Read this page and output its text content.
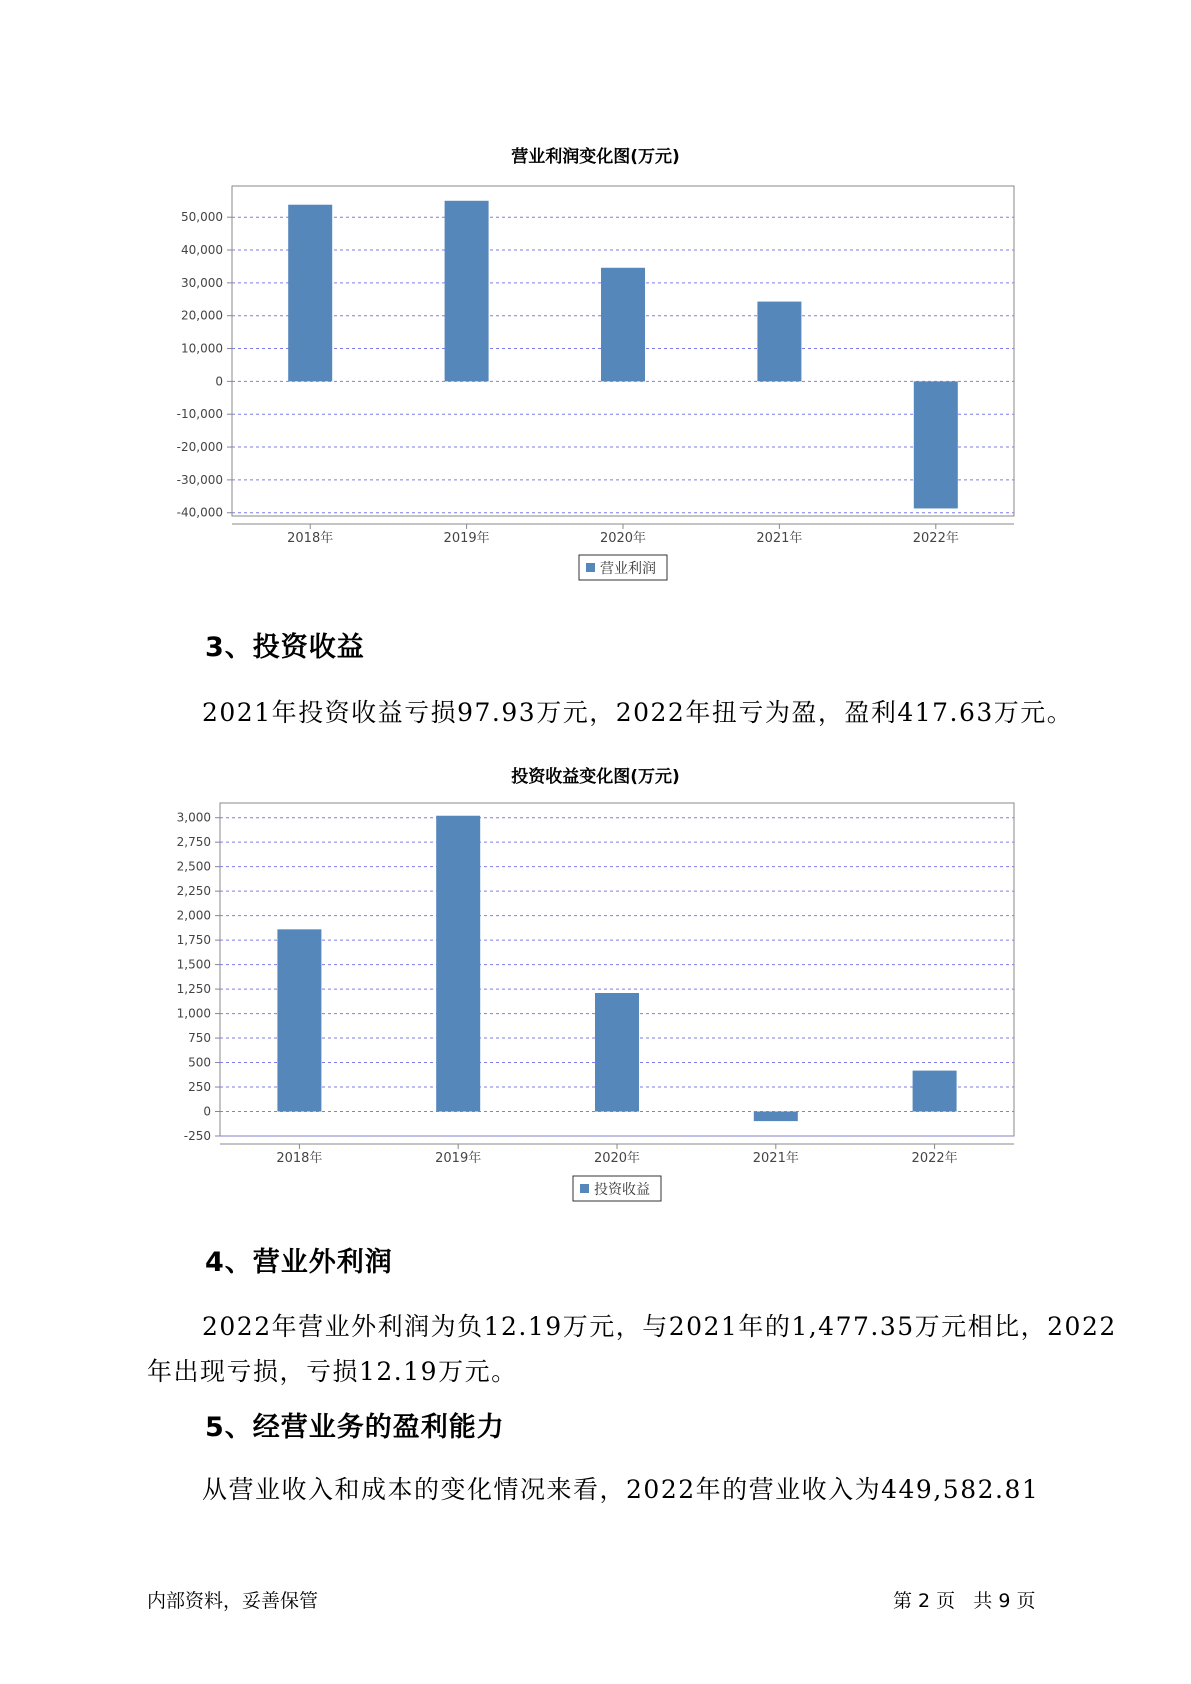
营业利润变化图(万元)
-40,000
-30,000
-20,000
-10,000
0
10,000
20,000
30,000
40,000
50,000
2018年	2019年	2020年	2021年	2022年
营业利润
3、投资收益
2021年投资收益亏损97.93万元，2022年扭亏为盈，盈利417.63万元。
投资收益变化图(万元)
-250
0
250
500
750
1,000
1,250
1,500
1,750
2,000
2,250
2,500
2,750
3,000
2018年	2019年	2020年	2021年	2022年
投资收益
4、营业外利润
2022年营业外利润为负12.19万元，与2021年的1,477.35万元相比，2022
年出现亏损，亏损12.19万元。
5、经营业务的盈利能力
从营业收入和成本的变化情况来看，2022年的营业收入为449,582.81
内部资料，妥善保管	第 2 页   共 9 页
